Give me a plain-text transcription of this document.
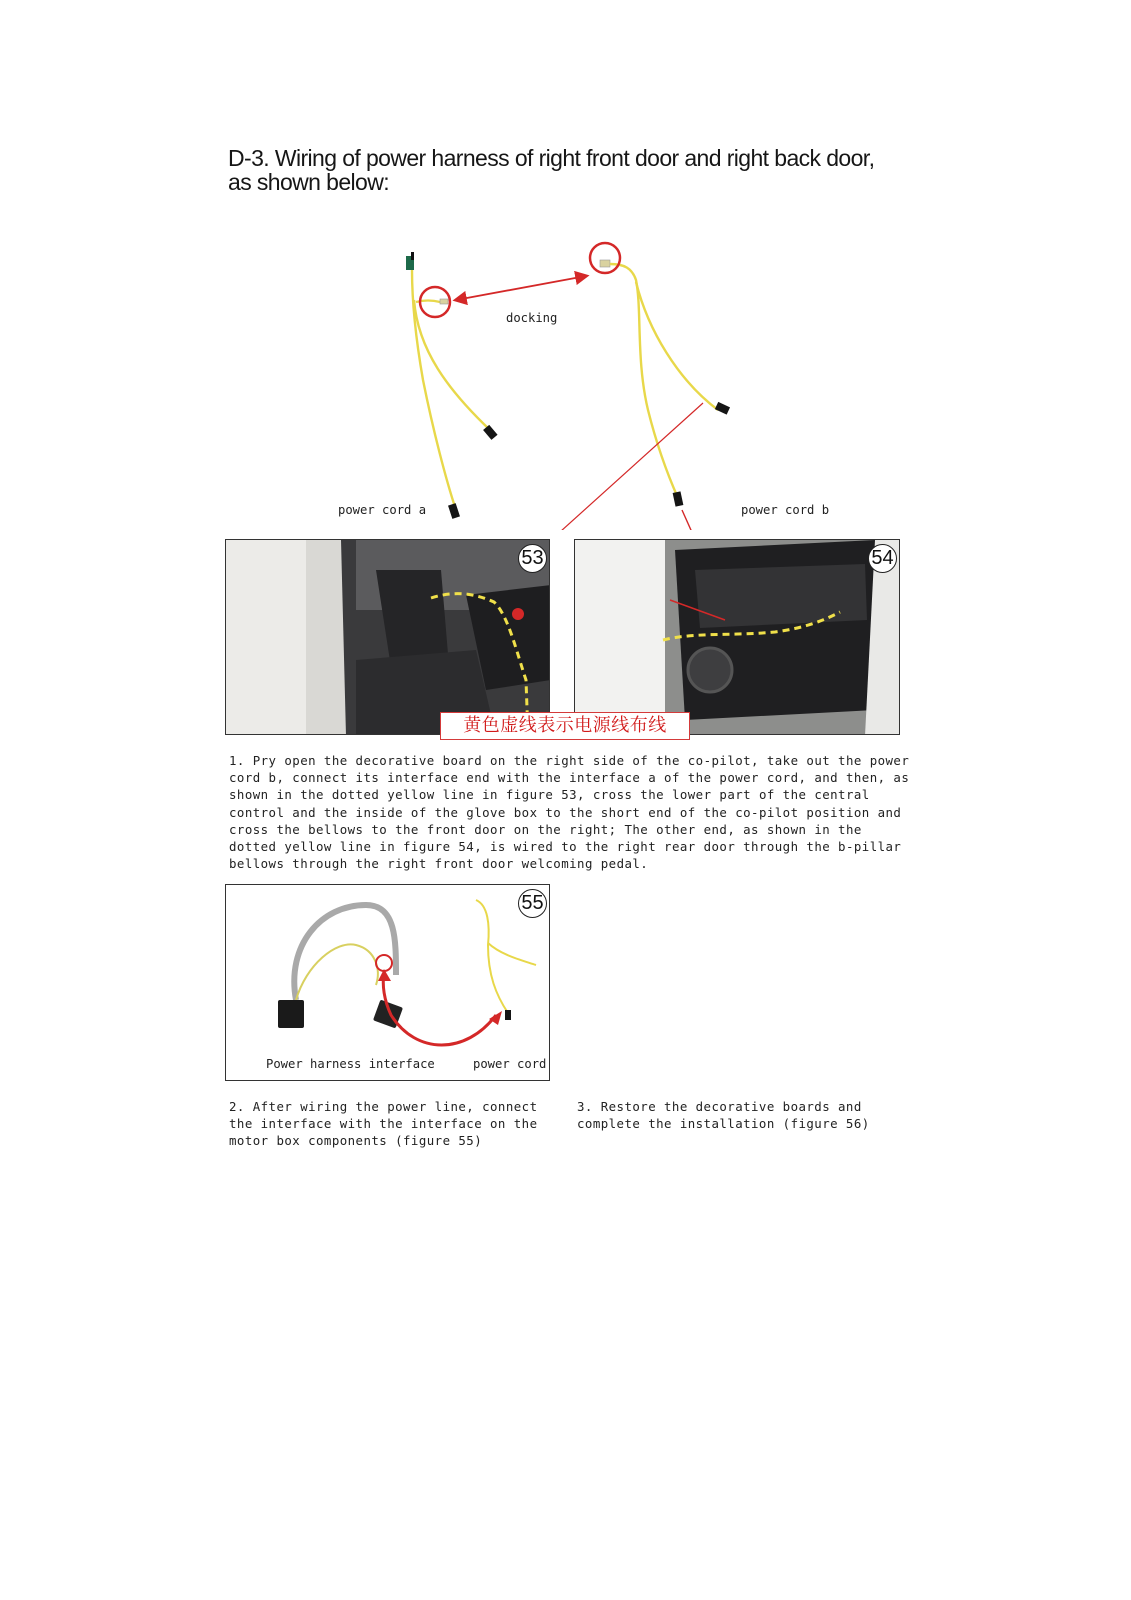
D-3. Wiring of power harness of right front door and right back door,
as shown below:
docking
power cord a	power cord b
53	54
黄色虚线表示电源线布线
1. Pry open the decorative board on the right side of the co-pilot, take out the power cord b, connect its interface end with the interface a of the power cord, and then, as shown in the dotted yellow line in figure 53, cross the lower part of the central control and the inside of the glove box to the short end of the co-pilot position and cross the bellows to the front door on the right; The other end, as shown in the dotted yellow line in figure 54, is wired to the right rear door through the b-pillar bellows through the right front door welcoming pedal.
55
Power harness interface	power cord
2. After wiring the power line, connect the interface with the interface on the motor box components (figure 55)
3. Restore the decorative boards and complete the installation (figure 56)
